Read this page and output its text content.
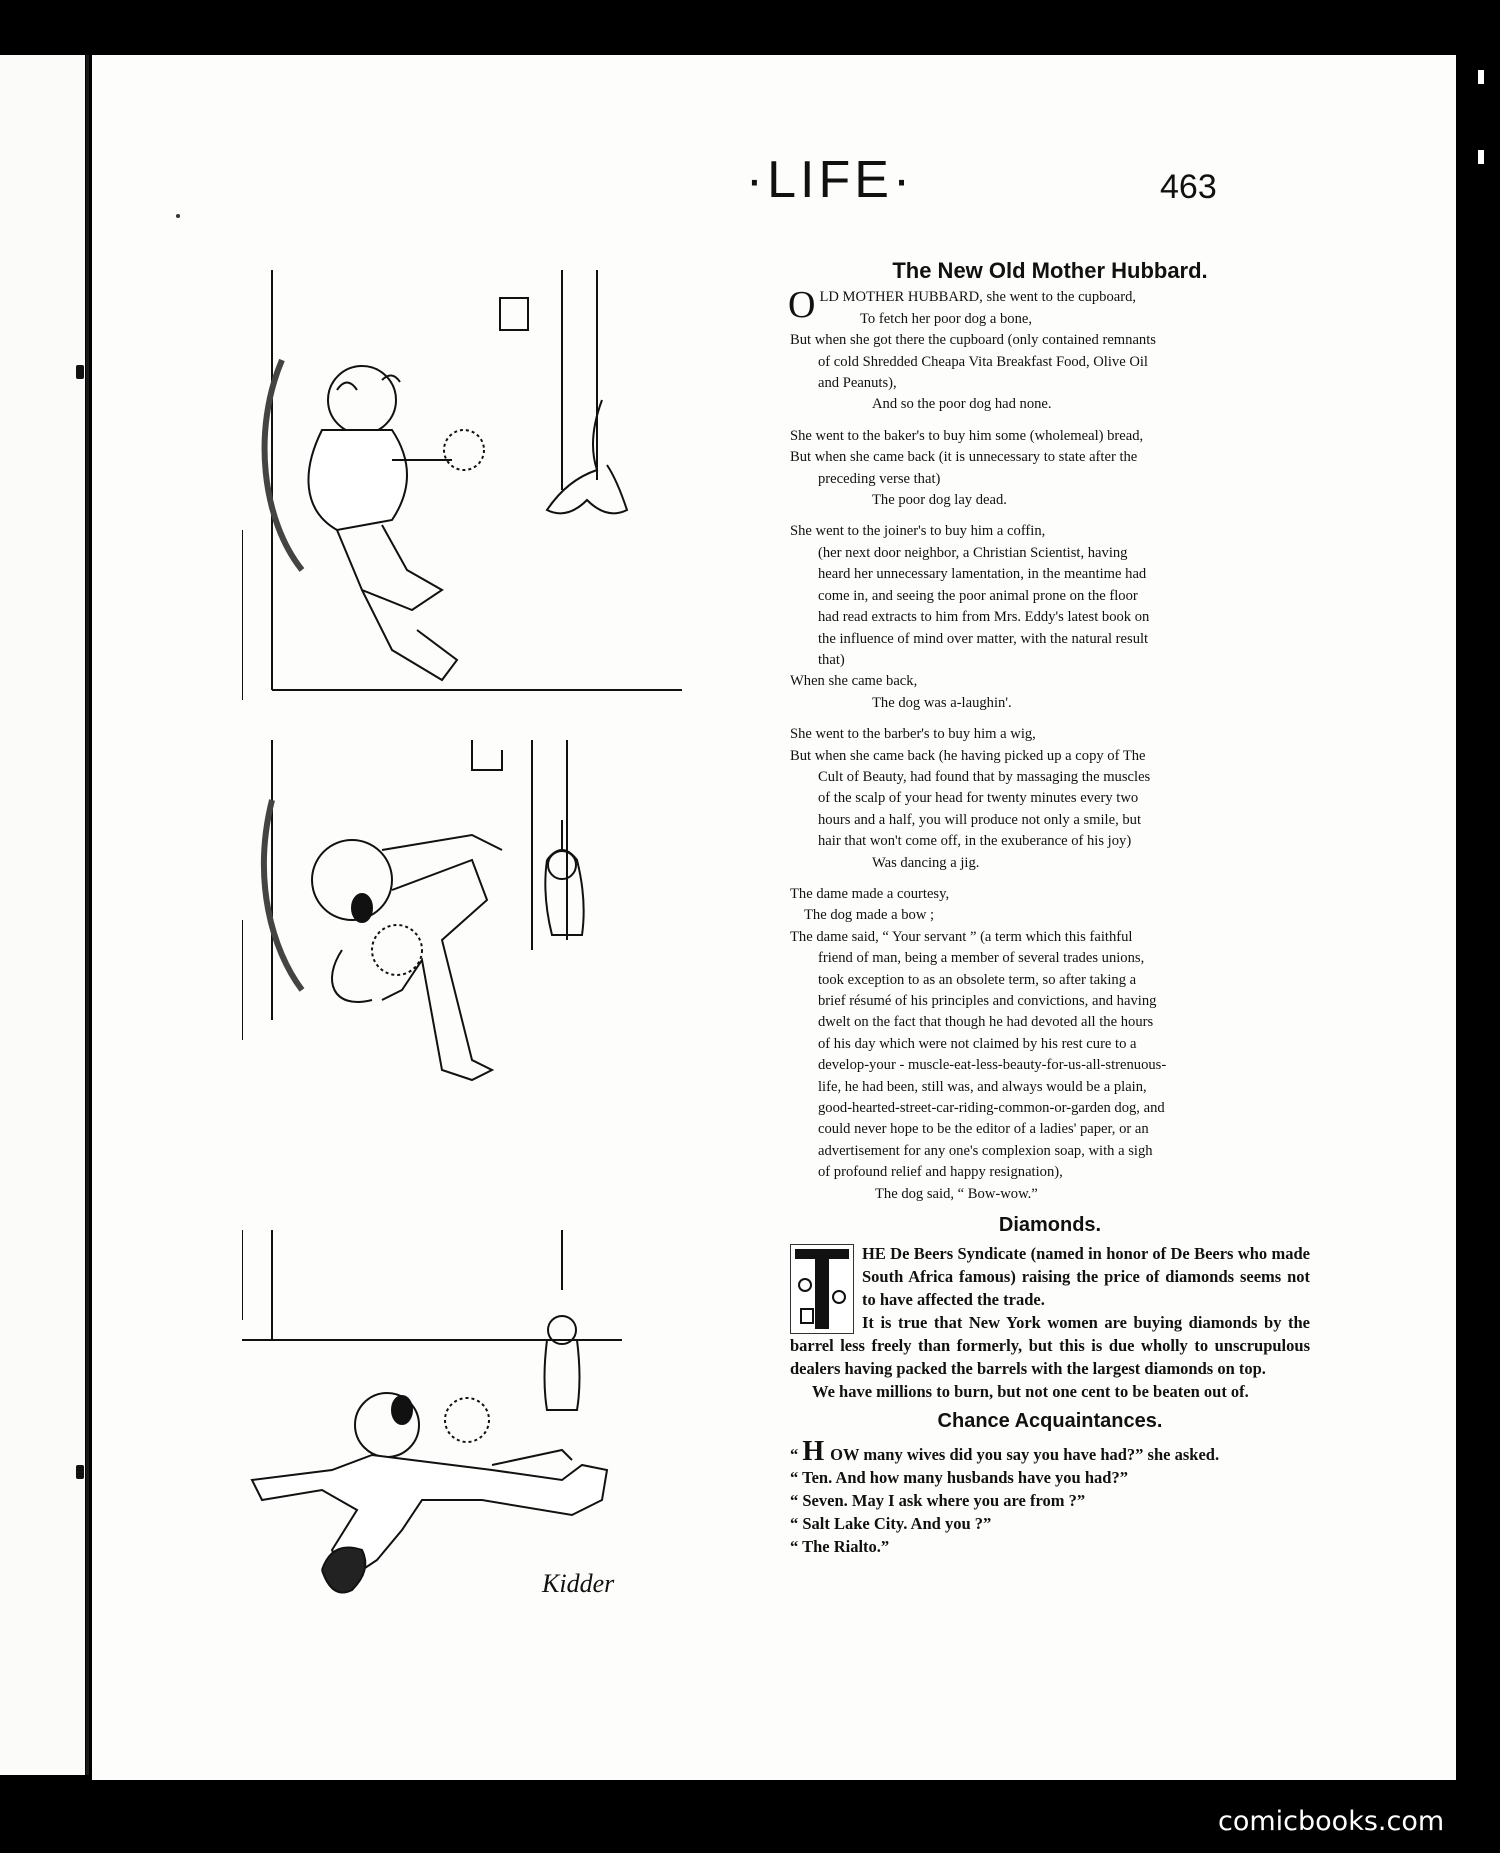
·LIFE·	463
Kidder
The New Old Mother Hubbard.
O LD MOTHER HUBBARD, she went to the cupboard,

To fetch her poor dog a bone,

But when she got there the cupboard (only contained remnants

of cold Shredded Cheapa Vita Breakfast Food, Olive Oil

and Peanuts),

And so the poor dog had none.

She went to the baker's to buy him some (wholemeal) bread,

But when she came back (it is unnecessary to state after the

preceding verse that)

The poor dog lay dead.

She went to the joiner's to buy him a coffin,

(her next door neighbor, a Christian Scientist, having

heard her unnecessary lamentation, in the meantime had

come in, and seeing the poor animal prone on the floor

had read extracts to him from Mrs. Eddy's latest book on

the influence of mind over matter, with the natural result

that)

When she came back,

The dog was a-laughin'.

She went to the barber's to buy him a wig,

But when she came back (he having picked up a copy of The

Cult of Beauty, had found that by massaging the muscles

of the scalp of your head for twenty minutes every two

hours and a half, you will produce not only a smile, but

hair that won't come off, in the exuberance of his joy)

Was dancing a jig.

The dame made a courtesy,

The dog made a bow ;

The dame said, “ Your servant ” (a term which this faithful

friend of man, being a member of several trades unions,

took exception to as an obsolete term, so after taking a

brief résumé of his principles and convictions, and having

dwelt on the fact that though he had devoted all the hours

of his day which were not claimed by his rest cure to a

develop-your - muscle-eat-less-beauty-for-us-all-strenuous-

life, he had been, still was, and always would be a plain,

good-hearted-street-car-riding-common-or-garden dog, and

could never hope to be the editor of a ladies' paper, or an

advertisement for any one's complexion soap, with a sigh

of profound relief and happy resignation),

The dog said, “ Bow-wow.”

Diamonds.

HE De Beers Syndicate (named in honor of De Beers who made South Africa famous) raising the price of diamonds seems not to have affected the trade.

It is true that New York women are buying diamonds by the barrel less freely than formerly, but this is due wholly to unscrupulous dealers having packed the barrels with the largest diamonds on top.

We have millions to burn, but not one cent to be beaten out of.

Chance Acquaintances.

“ H OW many wives did you say you have had?” she asked.

“ Ten. And how many husbands have you had?”

“ Seven. May I ask where you are from ?”

“ Salt Lake City. And you ?”

“ The Rialto.”

comicbooks.com
